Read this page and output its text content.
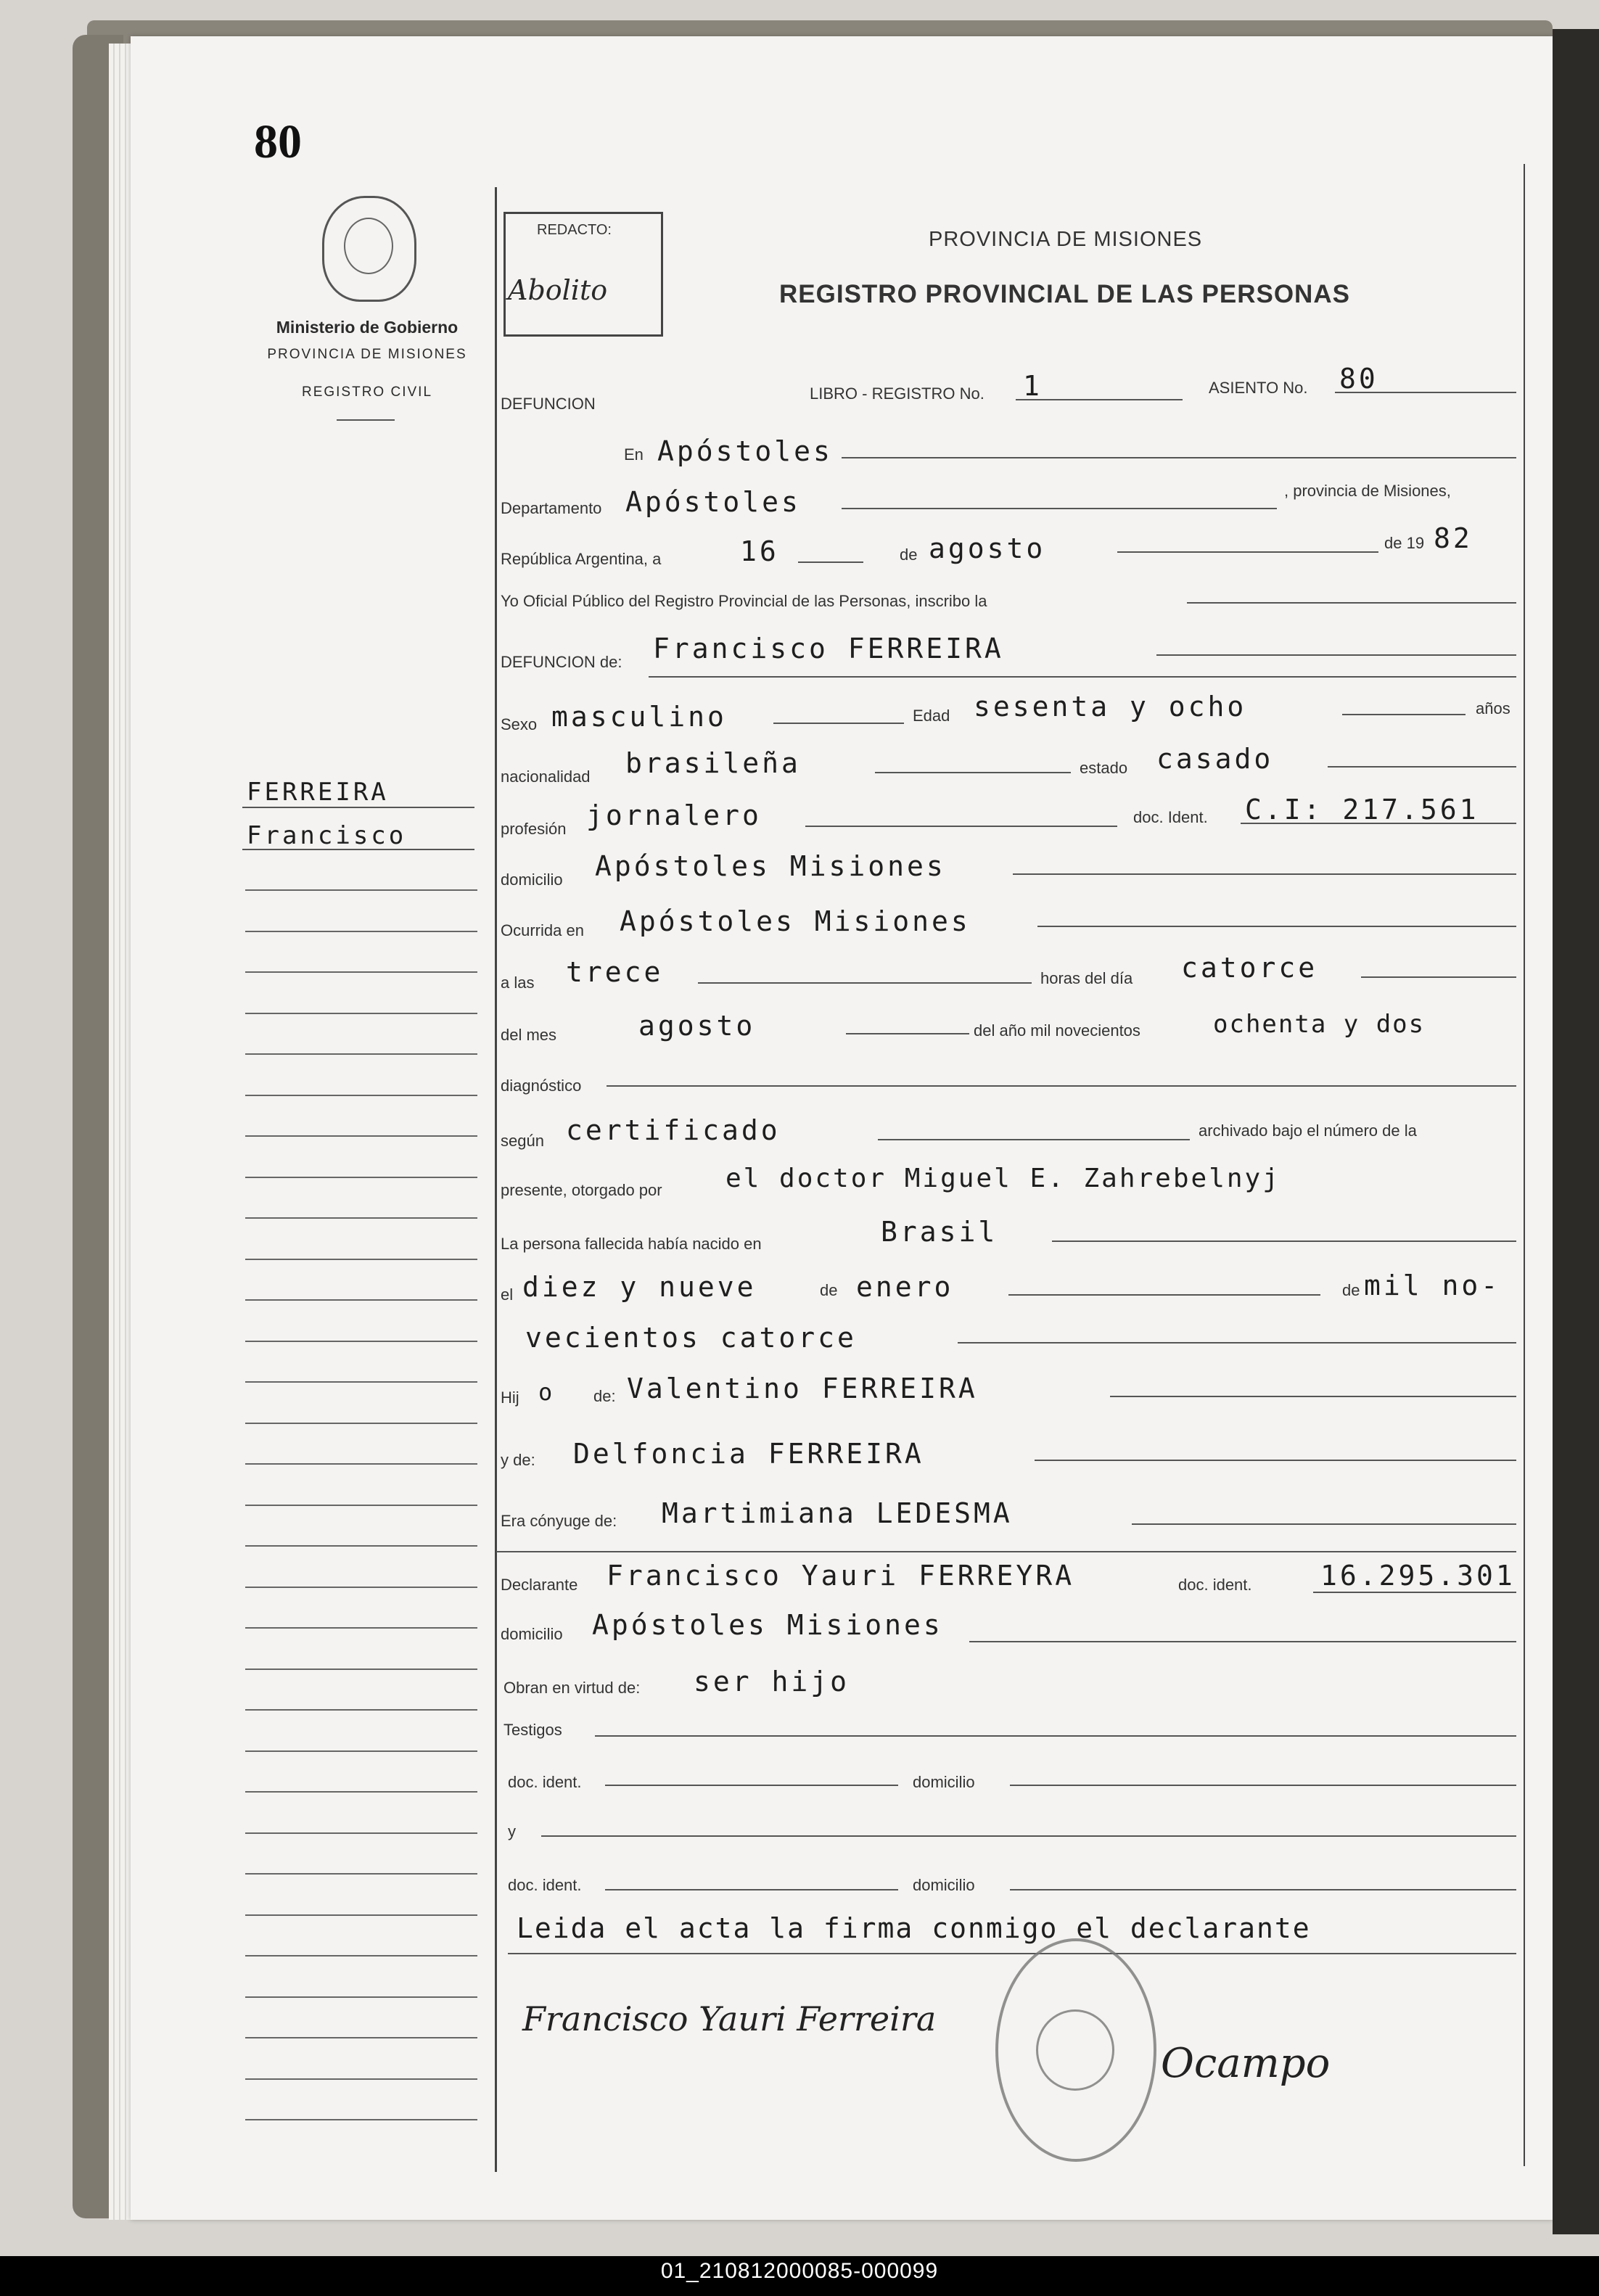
80
Ministerio de Gobierno
PROVINCIA DE MISIONES
REGISTRO CIVIL
FERREIRA
Francisco
REDACTO:
Abolito
PROVINCIA DE MISIONES
REGISTRO PROVINCIAL DE LAS PERSONAS
DEFUNCION
LIBRO - REGISTRO No. 1	ASIENTO No. 80
En Apóstoles
Departamento Apóstoles	, provincia de Misiones,
República Argentina, a	16	de agosto	de 19 82
Yo Oficial Público del Registro Provincial de las Personas, inscribo la
DEFUNCION de: Francisco FERREIRA
Sexo masculino	Edad sesenta y ocho	años
nacionalidad brasileña	estado casado
profesión jornalero	doc. Ident. C.I: 217.561
domicilio Apóstoles Misiones
Ocurrida en Apóstoles Misiones
a las trece	horas del día catorce
del mes	agosto	del año mil novecientos	ochenta y dos
diagnóstico
según certificado	archivado bajo el número de la
presente, otorgado por el doctor Miguel E. Zahrebelnyj
La persona fallecida había nacido en	Brasil
el diez y nueve	de enero	de mil no-
vecientos catorce
Hij o de: Valentino FERREIRA
y de: Delfoncia FERREIRA
Era cónyuge de: Martimiana LEDESMA
Declarante Francisco Yauri FERREYRA	doc. ident. 16.295.301
domicilio Apóstoles Misiones
Obran en virtud de: ser hijo
Testigos
doc. ident.	domicilio
y
doc. ident.	domicilio
Leida el acta la firma conmigo el declarante
Francisco Yauri Ferreira
Ocampo
01_210812000085-000099
